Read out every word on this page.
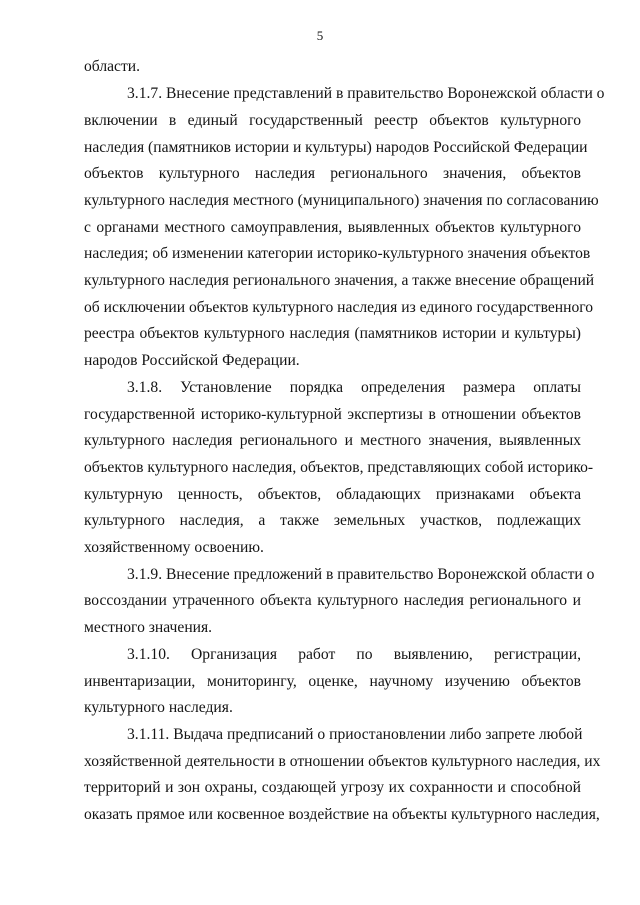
5
области.
3.1.7. Внесение представлений в правительство Воронежской области о
включении в единый государственный реестр объектов культурного
наследия (памятников истории и культуры) народов Российской Федерации
объектов культурного наследия регионального значения, объектов
культурного наследия местного (муниципального) значения по согласованию
с органами местного самоуправления, выявленных объектов культурного
наследия; об изменении категории историко-культурного значения объектов
культурного наследия регионального значения, а также внесение обращений
об исключении объектов культурного наследия из единого государственного
реестра объектов культурного наследия (памятников истории и культуры)
народов Российской Федерации.
3.1.8. Установление порядка определения размера оплаты
государственной историко-культурной экспертизы в отношении объектов
культурного наследия регионального и местного значения, выявленных
объектов культурного наследия, объектов, представляющих собой историко-
культурную ценность, объектов, обладающих признаками объекта
культурного наследия, а также земельных участков, подлежащих
хозяйственному освоению.
3.1.9. Внесение предложений в правительство Воронежской области о
воссоздании утраченного объекта культурного наследия регионального и
местного значения.
3.1.10. Организация работ по выявлению, регистрации,
инвентаризации, мониторингу, оценке, научному изучению объектов
культурного наследия.
3.1.11. Выдача предписаний о приостановлении либо запрете любой
хозяйственной деятельности в отношении объектов культурного наследия, их
территорий и зон охраны, создающей угрозу их сохранности и способной
оказать прямое или косвенное воздействие на объекты культурного наследия,
